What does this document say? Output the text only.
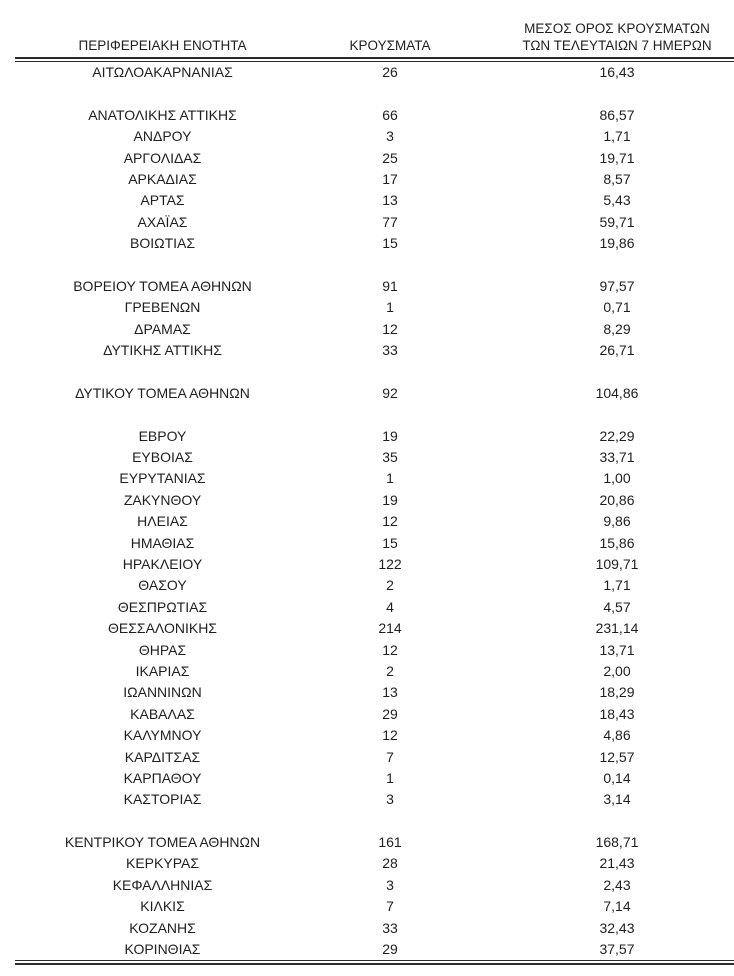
ΠΕΡΙΦΕΡΕΙΑΚΗ ΕΝΟΤΗΤΑ	ΚΡΟΥΣΜΑΤΑ
ΜΕΣΟΣ ΟΡΟΣ ΚΡΟΥΣΜΑΤΩΝ
ΤΩΝ ΤΕΛΕΥΤΑΙΩΝ 7 ΗΜΕΡΩΝ
ΑΙΤΩΛΟΑΚΑΡΝΑΝΙΑΣ	26	16,43
ΑΝΑΤΟΛΙΚΗΣ ΑΤΤΙΚΗΣ	66	86,57
ΑΝΔΡΟΥ	3	1,71
ΑΡΓΟΛΙΔΑΣ	25	19,71
ΑΡΚΑΔΙΑΣ	17	8,57
ΑΡΤΑΣ	13	5,43
ΑΧΑΪΑΣ	77	59,71
ΒΟΙΩΤΙΑΣ	15	19,86
ΒΟΡΕΙΟΥ ΤΟΜΕΑ ΑΘΗΝΩΝ	91	97,57
ΓΡΕΒΕΝΩΝ	1	0,71
ΔΡΑΜΑΣ	12	8,29
ΔΥΤΙΚΗΣ ΑΤΤΙΚΗΣ	33	26,71
ΔΥΤΙΚΟΥ ΤΟΜΕΑ ΑΘΗΝΩΝ	92	104,86
ΕΒΡΟΥ	19	22,29
ΕΥΒΟΙΑΣ	35	33,71
ΕΥΡΥΤΑΝΙΑΣ	1	1,00
ΖΑΚΥΝΘΟΥ	19	20,86
ΗΛΕΙΑΣ	12	9,86
ΗΜΑΘΙΑΣ	15	15,86
ΗΡΑΚΛΕΙΟΥ	122	109,71
ΘΑΣΟΥ	2	1,71
ΘΕΣΠΡΩΤΙΑΣ	4	4,57
ΘΕΣΣΑΛΟΝΙΚΗΣ	214	231,14
ΘΗΡΑΣ	12	13,71
ΙΚΑΡΙΑΣ	2	2,00
ΙΩΑΝΝΙΝΩΝ	13	18,29
ΚΑΒΑΛΑΣ	29	18,43
ΚΑΛΥΜΝΟΥ	12	4,86
ΚΑΡΔΙΤΣΑΣ	7	12,57
ΚΑΡΠΑΘΟΥ	1	0,14
ΚΑΣΤΟΡΙΑΣ	3	3,14
ΚΕΝΤΡΙΚΟΥ ΤΟΜΕΑ ΑΘΗΝΩΝ	161	168,71
ΚΕΡΚΥΡΑΣ	28	21,43
ΚΕΦΑΛΛΗΝΙΑΣ	3	2,43
ΚΙΛΚΙΣ	7	7,14
ΚΟΖΑΝΗΣ	33	32,43
ΚΟΡΙΝΘΙΑΣ	29	37,57
